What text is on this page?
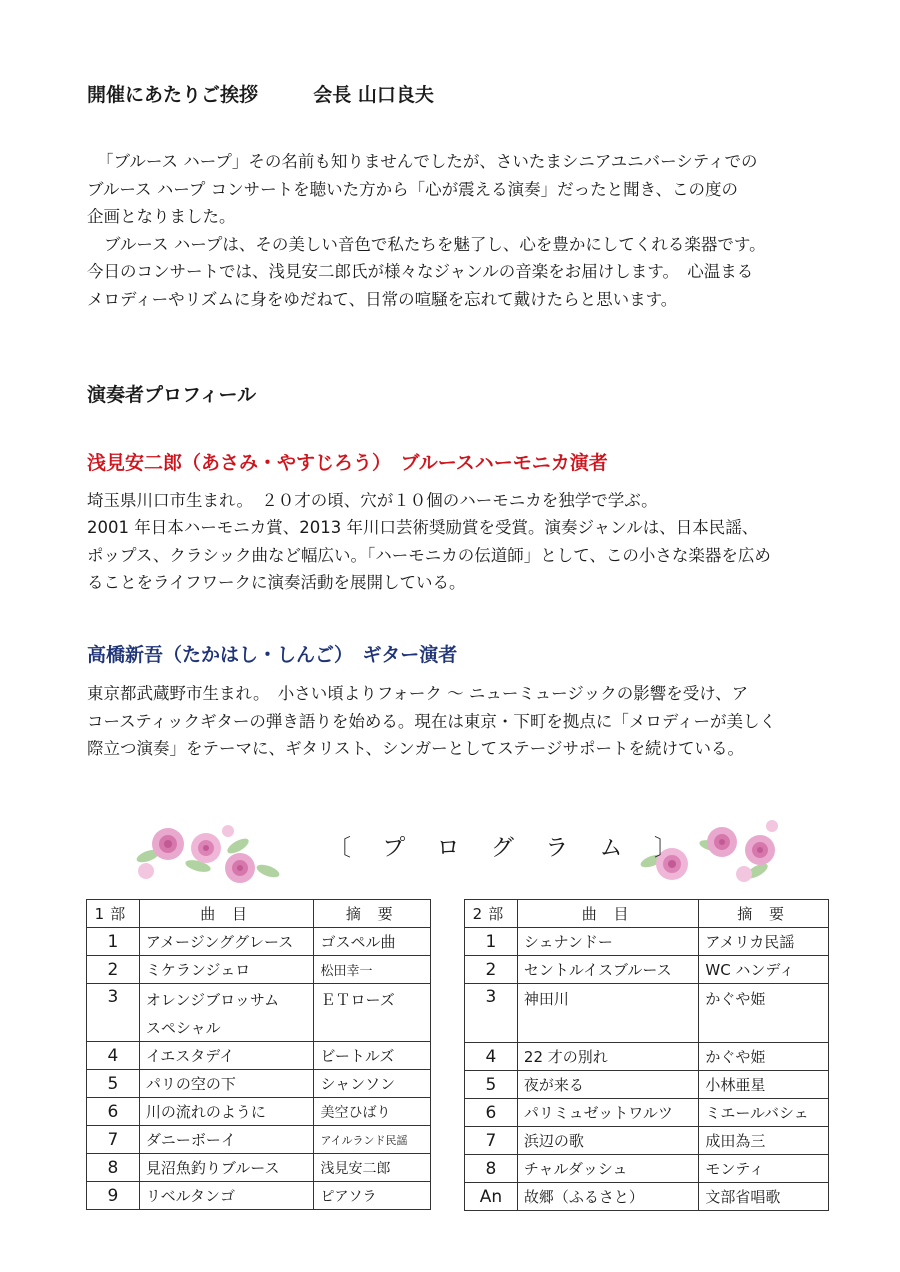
開催にあたりご挨拶	会長 山口良夫
「ブルース ハープ」その名前も知りませんでしたが、さいたまシニアユニバーシティでの
ブルース ハープ コンサートを聴いた方から「心が震える演奏」だったと聞き、この度の
企画となりました。
ブルース ハープは、その美しい音色で私たちを魅了し、心を豊かにしてくれる楽器です。
今日のコンサートでは、浅見安二郎氏が様々なジャンルの音楽をお届けします。　心温まる
メロディーやリズムに身をゆだねて、日常の喧騒を忘れて戴けたらと思います。
演奏者プロフィール
浅見安二郎（あさみ・やすじろう）　ブルースハーモニカ演者
埼玉県川口市生まれ。　２０才の頃、穴が１０個のハーモニカを独学で学ぶ。
2001 年日本ハーモニカ賞、2013 年川口芸術奨励賞を受賞。演奏ジャンルは、日本民謡、
ポップス、クラシック曲など幅広い。「ハーモニカの伝道師」として、この小さな楽器を広め
ることをライフワークに演奏活動を展開している。
高橋新吾（たかはし・しんご）　ギター演者
東京都武蔵野市生まれ。　小さい頃よりフォーク ～ ニューミュージックの影響を受け、ア
コースティックギターの弾き語りを始める。現在は東京・下町を拠点に「メロディーが美しく
際立つ演奏」をテーマに、ギタリスト、シンガーとしてステージサポートを続けている。
〔 プ ロ グ ラ ム 〕
1部	曲 目	摘 要
1	アメージンググレース	ゴスペル曲
2	ミケランジェロ	松田幸一
3	オレンジブロッサム	ＥＴローズ
	スペシャル	
4	イエスタデイ	ビートルズ
5	パリの空の下	シャンソン
6	川の流れのように	美空ひばり
7	ダニーボーイ	アイルランド民謡
8	見沼魚釣りブルース	浅見安二郎
9	リベルタンゴ	ピアソラ
2部	曲 目	摘 要
1	シェナンドー	アメリカ民謡
2	セントルイスブルース	WC ハンディ
3	神田川	かぐや姫

4	22 才の別れ	かぐや姫
5	夜が来る	小林亜星
6	パリミュゼットワルツ	ミエールバシェ
7	浜辺の歌	成田為三
8	チャルダッシュ	モンティ
An	故郷（ふるさと）	文部省唱歌
